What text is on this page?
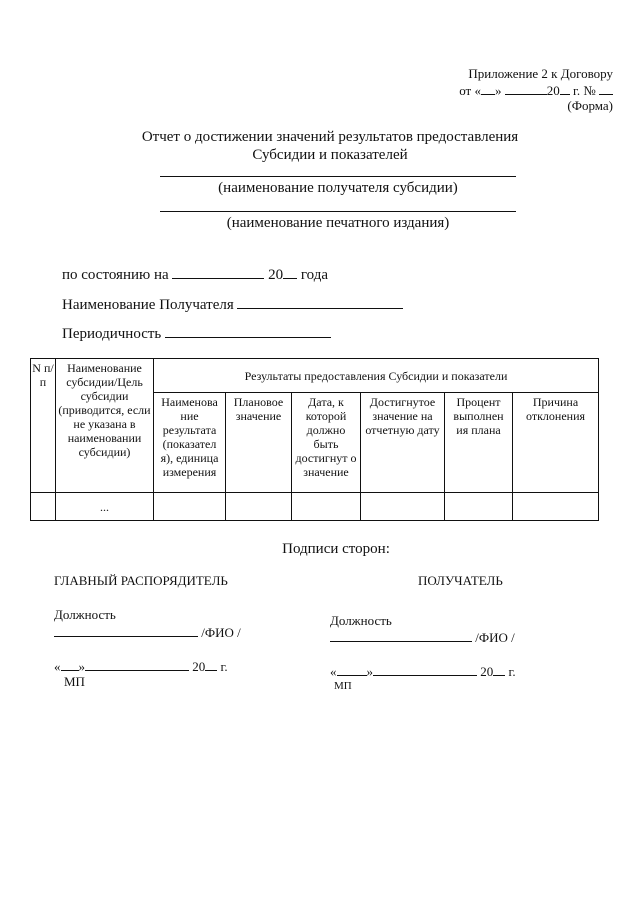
Приложение 2 к Договору
от « »	20 г. №
(Форма)
Отчет о достижении значений результатов предоставления
Субсидии и показателей
(наименование получателя субсидии)
(наименование печатного издания)
по состоянию на	20 года
Наименование Получателя
Периодичность
N п/п	Наименование субсидии/Цель субсидии (приводится, если не указана в наименовании субсидии)	Результаты предоставления Субсидии и показатели					
		Наименова ние результата (показател я), единица измерения	Плановое значение	Дата, к которой должно быть достигнут о значение	Достигнутое значение на отчетную дату	Процент выполнен ия плана	Причина отклонения
	...						
Подписи сторон:
ГЛАВНЫЙ РАСПОРЯДИТЕЛЬ
Должность
/ФИО /
« »	20 г.
МП
ПОЛУЧАТЕЛЬ
Должность
/ФИО /
« »	20 г.
МП
